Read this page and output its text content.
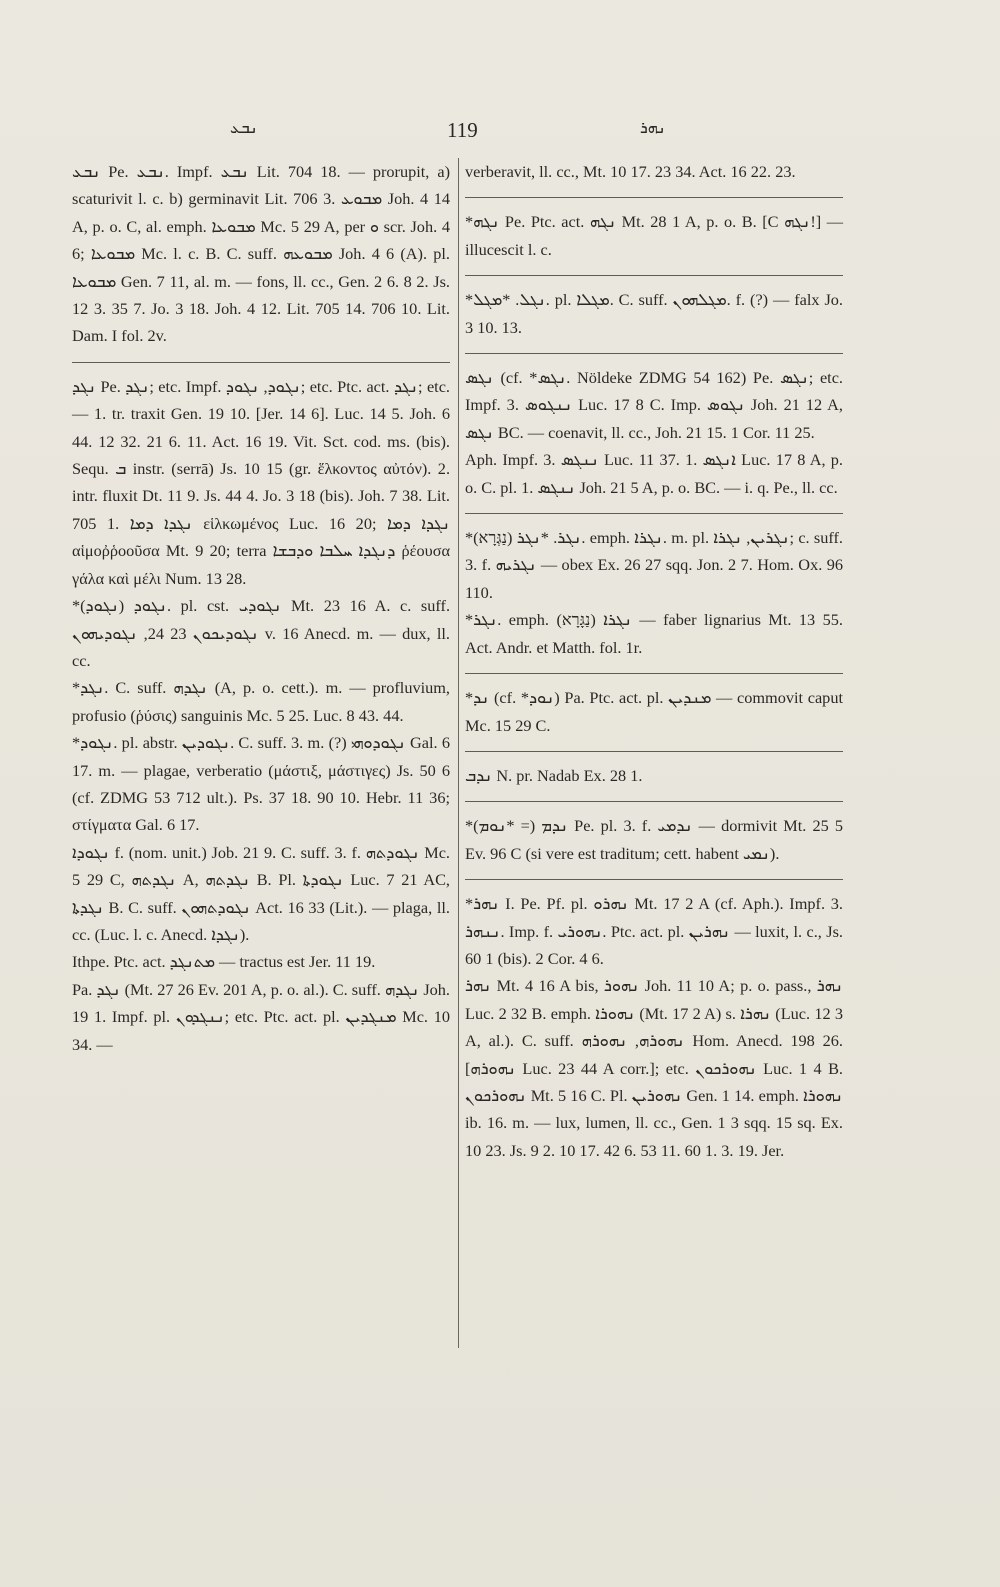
ܢܒܥ	119	ܢܗܪ

ܢܒܥ Pe. ܢܒܥ. Impf. ܢܒܥ Lit. 704 18. — prorupit, a) scaturivit l. c. b) germinavit Lit. 706 3. ܡܒܘܥ Joh. 4 14 A, p. o. C, al. emph. ܡܒܘܥܐ Mc. 5 29 A, per ܘ scr. Joh. 4 6; ܡܒܘܥܐ Mc. l. c. B. C. suff. ܡܒܘܥܗ Joh. 4 6 (A). pl. ܡܒܘܥܐ Gen. 7 11, al. m. — fons, ll. cc., Gen. 2 6. 8 2. Js. 12 3. 35 7. Jo. 3 18. Joh. 4 12. Lit. 705 14. 706 10. Lit. Dam. I fol. 2v.

ܢܓܕ Pe. ܢܓܕ; etc. Impf. ܢܓܘܕ, ܢܓܘܕ; etc. Ptc. act. ܢܓܕ; etc. — 1. tr. traxit Gen. 19 10. [Jer. 14 6]. Luc. 14 5. Joh. 6 44. 12 32. 21 6. 11. Act. 16 19. Vit. Sct. cod. ms. (bis). Sequ. ܒ instr. (serrā) Js. 10 15 (gr. ἕλκοντος αὐτόν). 2. intr. fluxit Dt. 11 9. Js. 44 4. Jo. 3 18 (bis). Joh. 7 38. Lit. 705 1. ܢܓܕܐ ܕܡܐ εἱλκωμένος Luc. 16 20; ܢܓܕܐ ܕܡܐ αἱμοῤῥοοῦσα Mt. 9 20; terra ܕܢܓܕܐ ܚܠܒܐ ܘܕܒܫܐ ῥέουσα γάλα καὶ μέλι Num. 13 28.

*ܢܓܘܕ (ܢܓܘܕ). pl. cst. ܢܓܘܕܝ Mt. 23 16 A. c. suff. ܢܓܘܕܝܟܘܢ 23 24, ܢܓܘܕܝܗܘܢ v. 16 Anecd. m. — dux, ll. cc.

*ܢܓܕ. C. suff. ܢܓܕܗ (A, p. o. cett.). m. — profluvium, profusio (ῥύσις) sanguinis Mc. 5 25. Luc. 8 43. 44.

*ܢܓܘܕ. pl. abstr. ܢܓܘܕܝܢ. C. suff. 3. m. (?) ܢܓܘܕܘܗܝ Gal. 6 17. m. — plagae, verberatio (μάστιξ, μάστιγες) Js. 50 6 (cf. ZDMG 53 712 ult.). Ps. 37 18. 90 10. Hebr. 11 36; στίγματα Gal. 6 17.

ܢܓܘܕܐ f. (nom. unit.) Job. 21 9. C. suff. 3. f. ܢܓܘܕܬܗ Mc. 5 29 C, ܢܓܕܬܗ A, ܢܓܕܬܗ B. Pl. ܢܓܘܕܬܐ Luc. 7 21 AC, ܢܓܕܬܐ B. C. suff. ܢܓܘܕܬܗܘܢ Act. 16 33 (Lit.). — plaga, ll. cc. (Luc. l. c. Anecd. ܢܓܕܐ).

Ithpe. Ptc. act. ܡܬܢܓܕ — tractus est Jer. 11 19.

Pa. ܢܓܕ (Mt. 27 26 Ev. 201 A, p. o. al.). C. suff. ܢܓܕܗ Joh. 19 1. Impf. pl. ܢܢܓܕܘܢ; etc. Ptc. act. pl. ܡܢܓܕܝܢ Mc. 10 34. —

verberavit, ll. cc., Mt. 10 17. 23 34. Act. 16 22. 23.

*ܢܓܗ Pe. Ptc. act. ܢܓܗ Mt. 28 1 A, p. o. B. [C ܢܓܗ!] — illucescit l. c.

*ܢܓܠ. *ܡܓܠ. pl. ܡܓܠܐ. C. suff. ܡܓܠܗܘܢ. f. (?) — falx Jo. 3 10. 13.

ܢܓܣ (cf. *ܢܓܣ. Nöldeke ZDMG 54 162) Pe. ܢܓܣ; etc. Impf. 3. ܢܢܓܘܣ Luc. 17 8 C. Imp. ܢܓܘܣ Joh. 21 12 A, ܢܓܣ BC. — coenavit, ll. cc., Joh. 21 15. 1 Cor. 11 25.

Aph. Impf. 3. ܢܢܓܣ Luc. 11 37. 1. ܐܢܓܣ Luc. 17 8 A, p. o. C. pl. 1. ܢܢܓܣ Joh. 21 5 A, p. o. BC. — i. q. Pe., ll. cc.

*ܢܓܪ. *ܢܓܪ (נַגְּרָא). emph. ܢܓܪܐ. m. pl. ܢܓܪܝܢ, ܢܓܪܐ; c. suff. 3. f. ܢܓܪܝܗ — obex Ex. 26 27 sqq. Jon. 2 7. Hom. Ox. 96 110.

*ܢܓܪ. emph. ܢܓܪܐ (נַגָּרָא) — faber lignarius Mt. 13 55. Act. Andr. et Matth. fol. 1r.

*ܢܕ (cf. *ܢܘܕ) Pa. Ptc. act. pl. ܡܢܕܝܢ — commovit caput Mc. 15 29 C.

ܢܕܒ N. pr. Nadab Ex. 28 1.

*ܢܕܡ (= *ܢܘܡ) Pe. pl. 3. f. ܢܕܡܝ — dormivit Mt. 25 5 Ev. 96 C (si vere est traditum; cett. habent ܢܡܝ).

*ܢܗܪ I. Pe. Pf. pl. ܢܗܪܘ Mt. 17 2 A (cf. Aph.). Impf. 3. ܢܢܗܪ. Imp. f. ܢܗܘܪܝ. Ptc. act. pl. ܢܗܪܝܢ — luxit, l. c., Js. 60 1 (bis). 2 Cor. 4 6.

ܢܗܪ Mt. 4 16 A bis, ܢܗܘܪ Joh. 11 10 A; p. o. pass., ܢܗܪ Luc. 2 32 B. emph. ܢܗܘܪܐ (Mt. 17 2 A) s. ܢܗܪܐ (Luc. 12 3 A, al.). C. suff. ܢܗܘܪܗ, ܢܗܘܪܗ Hom. Anecd. 198 26. [ܢܗܘܪܗ Luc. 23 44 A corr.]; etc. ܢܗܘܪܟܘܢ Luc. 1 4 B. ܢܗܘܪܟܘܢ Mt. 5 16 C. Pl. ܢܗܘܪܝܢ Gen. 1 14. emph. ܢܗܘܪܐ ib. 16. m. — lux, lumen, ll. cc., Gen. 1 3 sqq. 15 sq. Ex. 10 23. Js. 9 2. 10 17. 42 6. 53 11. 60 1. 3. 19. Jer.
